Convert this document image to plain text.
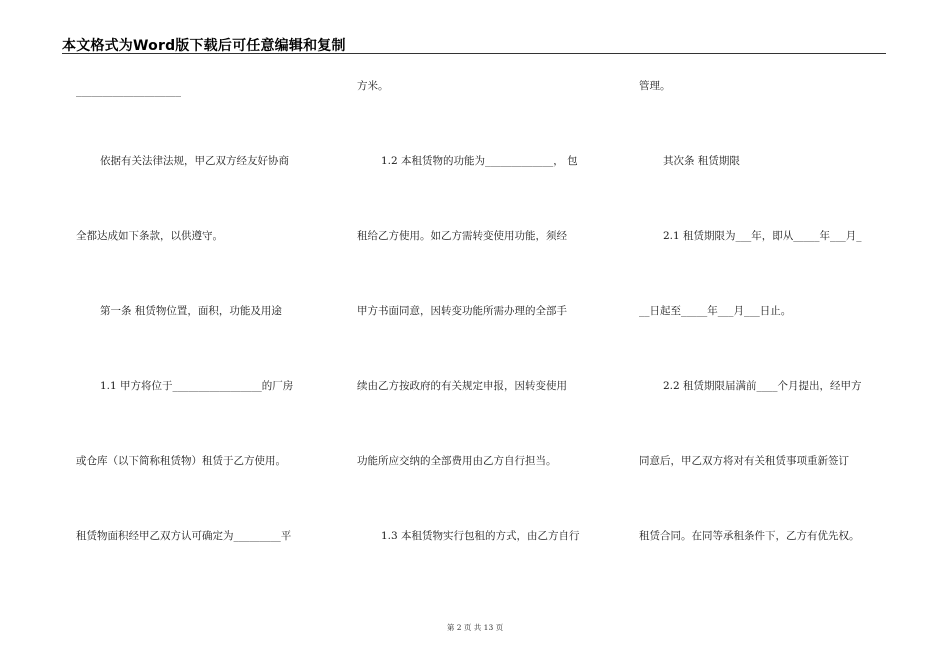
本文格式为Word版下载后可任意编辑和复制
____________________
依据有关法律法规，甲乙双方经友好协商
全都达成如下条款，以供遵守。
第一条 租赁物位置，面积，功能及用途
1.1 甲方将位于_________________的厂房
或仓库（以下简称租赁物）租赁于乙方使用。
租赁物面积经甲乙双方认可确定为_________平
方米。
1.2 本租赁物的功能为_____________， 包
租给乙方使用。如乙方需转变使用功能，须经
甲方书面同意，因转变功能所需办理的全部手
续由乙方按政府的有关规定申报，因转变使用
功能所应交纳的全部费用由乙方自行担当。
1.3 本租赁物实行包租的方式，由乙方自行
管理。
其次条 租赁期限
2.1 租赁期限为___年，即从_____年___月_
__日起至_____年___月___日止。
2.2 租赁期限届满前____个月提出，经甲方
同意后，甲乙双方将对有关租赁事项重新签订
租赁合同。在同等承租条件下，乙方有优先权。
第 2 页 共 13 页
